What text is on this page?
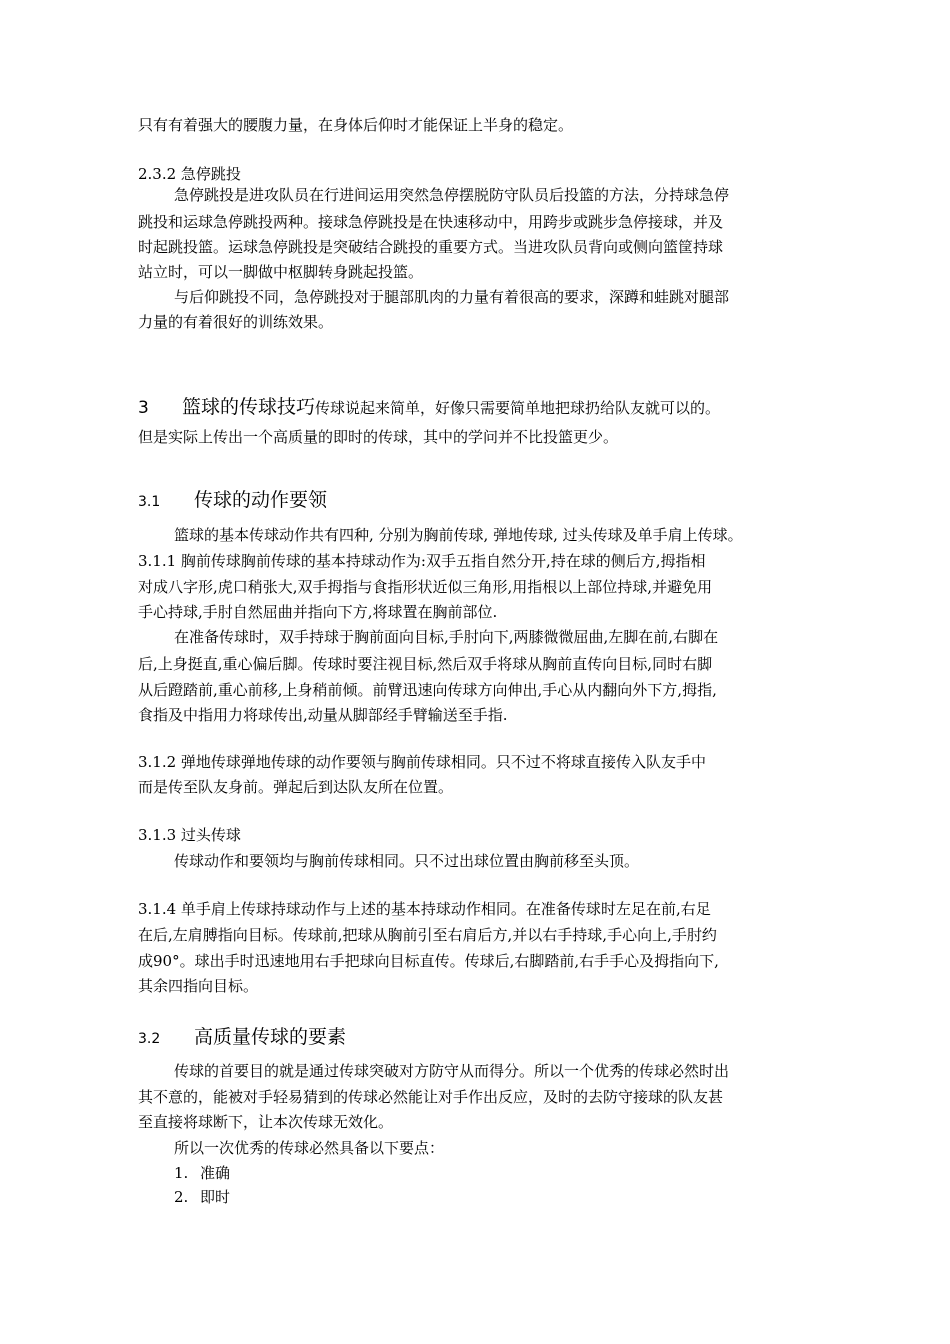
只有有着强大的腰腹力量，在身体后仰时才能保证上半身的稳定。
2.3.2 急停跳投
急停跳投是进攻队员在行进间运用突然急停摆脱防守队员后投篮的方法，分持球急停
跳投和运球急停跳投两种。接球急停跳投是在快速移动中，用跨步或跳步急停接球，并及
时起跳投篮。运球急停跳投是突破结合跳投的重要方式。当进攻队员背向或侧向篮筐持球
站立时，可以一脚做中枢脚转身跳起投篮。
与后仰跳投不同，急停跳投对于腿部肌肉的力量有着很高的要求，深蹲和蛙跳对腿部
力量的有着很好的训练效果。
3 篮球的传球技巧传球说起来简单，好像只需要简单地把球扔给队友就可以的。
但是实际上传出一个高质量的即时的传球，其中的学问并不比投篮更少。
3.1 传球的动作要领
篮球的基本传球动作共有四种, 分别为胸前传球, 弹地传球, 过头传球及单手肩上传球。
3.1.1 胸前传球胸前传球的基本持球动作为:双手五指自然分开,持在球的侧后方,拇指相
对成八字形,虎口稍张大,双手拇指与食指形状近似三角形,用指根以上部位持球,并避免用
手心持球,手肘自然屈曲并指向下方,将球置在胸前部位.
在准备传球时，双手持球于胸前面向目标,手肘向下,两膝微微屈曲,左脚在前,右脚在
后,上身挺直,重心偏后脚。传球时要注视目标,然后双手将球从胸前直传向目标,同时右脚
从后蹬踏前,重心前移,上身稍前倾。前臂迅速向传球方向伸出,手心从内翻向外下方,拇指,
食指及中指用力将球传出,动量从脚部经手臂输送至手指.
3.1.2 弹地传球弹地传球的动作要领与胸前传球相同。只不过不将球直接传入队友手中
而是传至队友身前。弹起后到达队友所在位置。
3.1.3 过头传球
传球动作和要领均与胸前传球相同。只不过出球位置由胸前移至头顶。
3.1.4 单手肩上传球持球动作与上述的基本持球动作相同。在准备传球时左足在前,右足
在后,左肩膊指向目标。传球前,把球从胸前引至右肩后方,并以右手持球,手心向上,手肘约
成90°。球出手时迅速地用右手把球向目标直传。传球后,右脚踏前,右手手心及拇指向下,
其余四指向目标。
3.2 高质量传球的要素
传球的首要目的就是通过传球突破对方防守从而得分。所以一个优秀的传球必然时出
其不意的，能被对手轻易猜到的传球必然能让对手作出反应，及时的去防守接球的队友甚
至直接将球断下，让本次传球无效化。
所以一次优秀的传球必然具备以下要点：
1. 准确
2. 即时
